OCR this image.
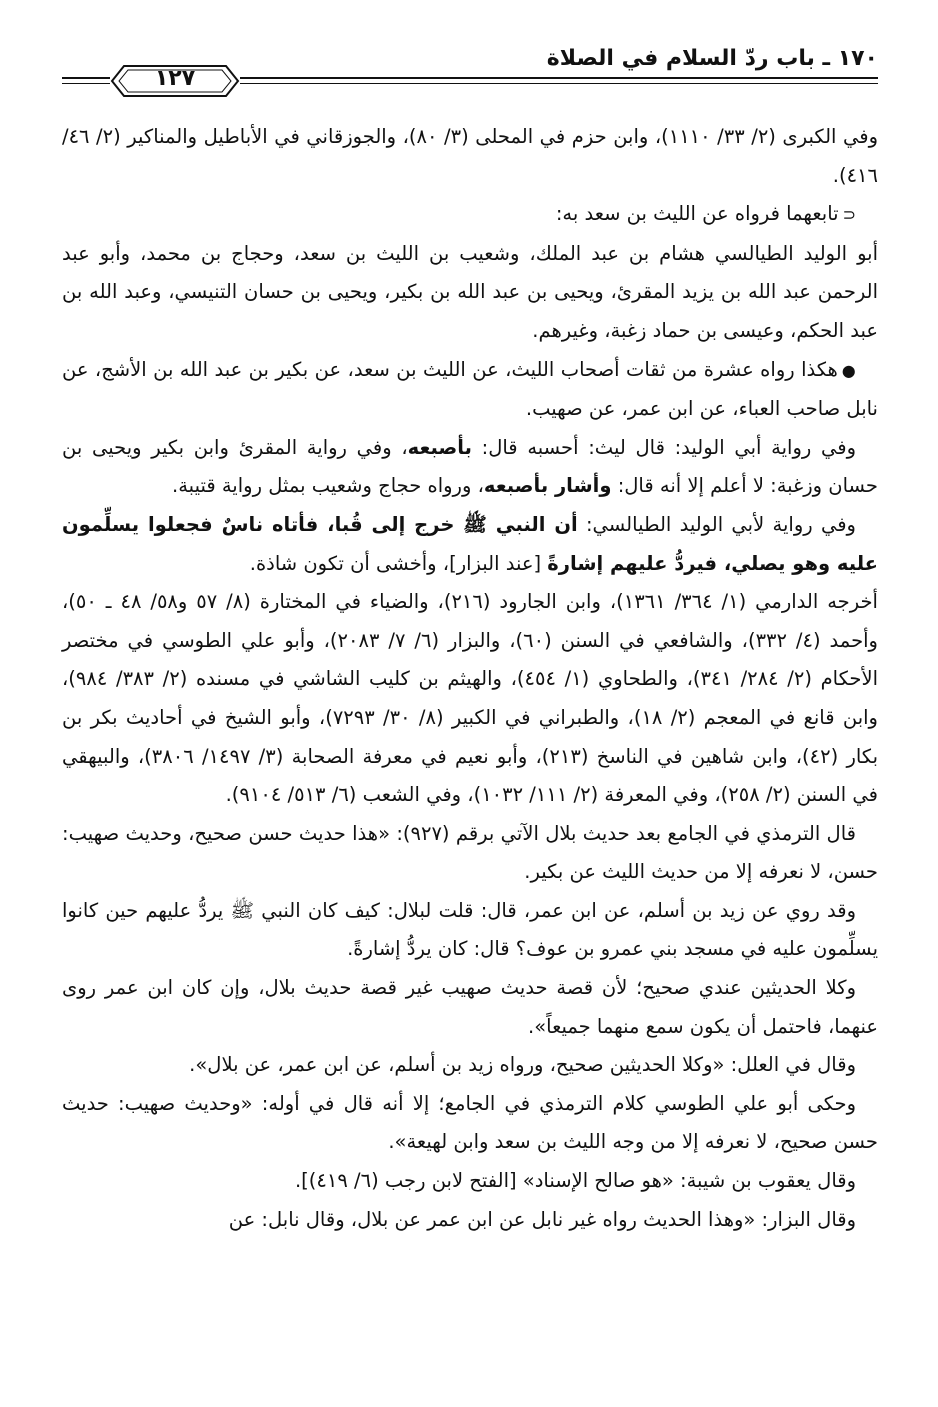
١٧٠ ـ باب ردّ السلام في الصلاة
١٢٧

وفي الكبرى (٢/ ٣٣/ ١١١٠)، وابن حزم في المحلى (٣/ ٨٠)، والجوزقاني في الأباطيل والمناكير (٢/ ٤٦/ ٤١٦).

⊂تابعهما فرواه عن الليث بن سعد به:

أبو الوليد الطيالسي هشام بن عبد الملك، وشعيب بن الليث بن سعد، وحجاج بن محمد، وأبو عبد الرحمن عبد الله بن يزيد المقرئ، ويحيى بن عبد الله بن بكير، ويحيى بن حسان التنيسي، وعبد الله بن عبد الحكم، وعيسى بن حماد زغبة، وغيرهم.

●هكذا رواه عشرة من ثقات أصحاب الليث، عن الليث بن سعد، عن بكير بن عبد الله بن الأشج، عن نابل صاحب العباء، عن ابن عمر، عن صهيب.

وفي رواية أبي الوليد: قال ليث: أحسبه قال: بأصبعه، وفي رواية المقرئ وابن بكير ويحيى بن حسان وزغبة: لا أعلم إلا أنه قال: وأشار بأصبعه، ورواه حجاج وشعيب بمثل رواية قتيبة.

وفي رواية لأبي الوليد الطيالسي: أن النبي ﷺ خرج إلى قُبا، فأتاه ناسٌ فجعلوا يسلِّمون عليه وهو يصلي، فيردُّ عليهم إشارةً [عند البزار]، وأخشى أن تكون شاذة.

أخرجه الدارمي (١/ ٣٦٤/ ١٣٦١)، وابن الجارود (٢١٦)، والضياء في المختارة (٨/ ٥٧ و٥٨/ ٤٨ ـ ٥٠)، وأحمد (٤/ ٣٣٢)، والشافعي في السنن (٦٠)، والبزار (٦/ ٧/ ٢٠٨٣)، وأبو علي الطوسي في مختصر الأحكام (٢/ ٢٨٤/ ٣٤١)، والطحاوي (١/ ٤٥٤)، والهيثم بن كليب الشاشي في مسنده (٢/ ٣٨٣/ ٩٨٤)، وابن قانع في المعجم (٢/ ١٨)، والطبراني في الكبير (٨/ ٣٠/ ٧٢٩٣)، وأبو الشيخ في أحاديث بكر بن بكار (٤٢)، وابن شاهين في الناسخ (٢١٣)، وأبو نعيم في معرفة الصحابة (٣/ ١٤٩٧/ ٣٨٠٦)، والبيهقي في السنن (٢/ ٢٥٨)، وفي المعرفة (٢/ ١١١/ ١٠٣٢)، وفي الشعب (٦/ ٥١٣/ ٩١٠٤).

قال الترمذي في الجامع بعد حديث بلال الآتي برقم (٩٢٧): «هذا حديث حسن صحيح، وحديث صهيب: حسن، لا نعرفه إلا من حديث الليث عن بكير.

وقد روي عن زيد بن أسلم، عن ابن عمر، قال: قلت لبلال: كيف كان النبي ﷺ يردُّ عليهم حين كانوا يسلِّمون عليه في مسجد بني عمرو بن عوف؟ قال: كان يردُّ إشارةً.

وكلا الحديثين عندي صحيح؛ لأن قصة حديث صهيب غير قصة حديث بلال، وإن كان ابن عمر روى عنهما، فاحتمل أن يكون سمع منهما جميعاً».

وقال في العلل: «وكلا الحديثين صحيح، ورواه زيد بن أسلم، عن ابن عمر، عن بلال».

وحكى أبو علي الطوسي كلام الترمذي في الجامع؛ إلا أنه قال في أوله: «وحديث صهيب: حديث حسن صحيح، لا نعرفه إلا من وجه الليث بن سعد وابن لهيعة».

وقال يعقوب بن شيبة: «هو صالح الإسناد» [الفتح لابن رجب (٦/ ٤١٩)].

وقال البزار: «وهذا الحديث رواه غير نابل عن ابن عمر عن بلال، وقال نابل: عن
